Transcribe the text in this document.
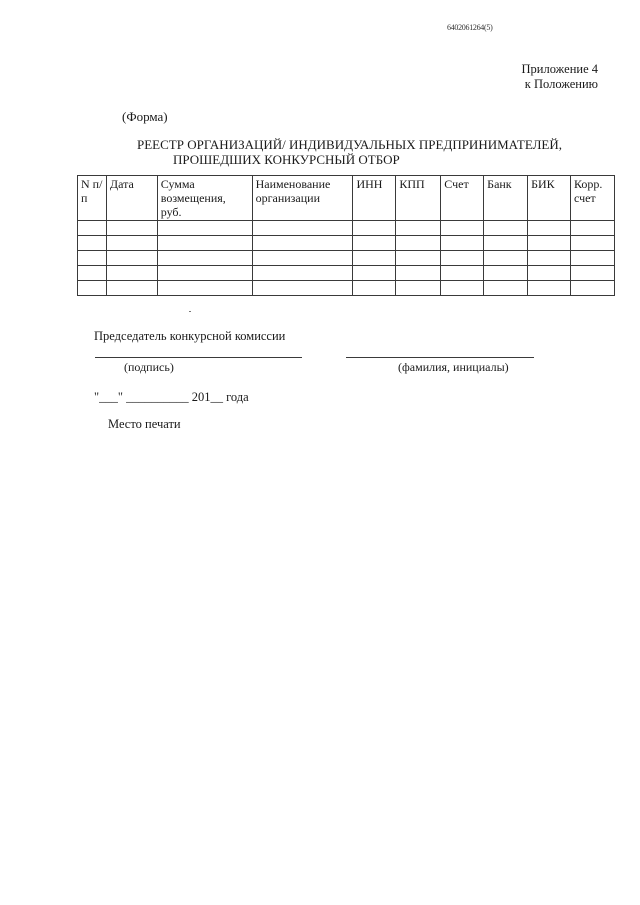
6402061264(5)
Приложение 4
к Положению
(Форма)
РЕЕСТР ОРГАНИЗАЦИЙ/ ИНДИВИДУАЛЬНЫХ ПРЕДПРИНИМАТЕЛЕЙ,
ПРОШЕДШИХ КОНКУРСНЫЙ ОТБОР
N п/п	Дата	Сумма возмещения, руб.	Наименование организации	ИНН	КПП	Счет	Банк	БИК	Корр. счет

Председатель конкурсной комиссии
(подпись)	(фамилия, инициалы)
"___" __________ 201__ года
Место печати
